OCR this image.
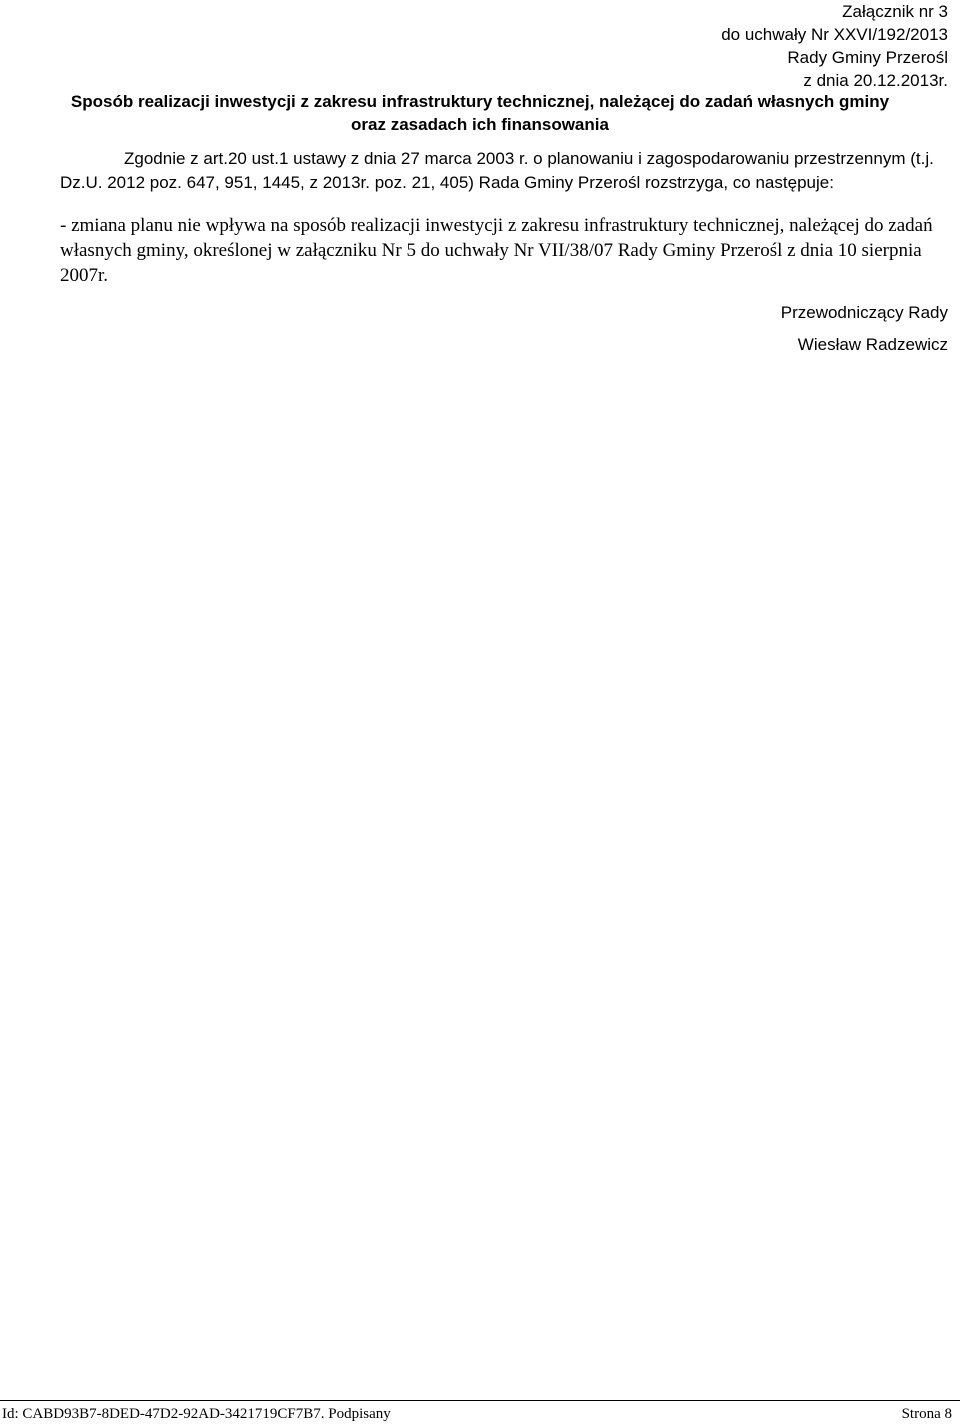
Załącznik nr 3
do uchwały Nr XXVI/192/2013
Rady Gminy Przerośl
z dnia 20.12.2013r.
Sposób realizacji inwestycji z zakresu infrastruktury technicznej, należącej do zadań własnych gminy oraz zasadach ich finansowania
Zgodnie z art.20 ust.1 ustawy z dnia 27 marca 2003 r. o planowaniu i zagospodarowaniu przestrzennym (t.j. Dz.U. 2012 poz. 647, 951, 1445, z 2013r. poz. 21, 405) Rada Gminy Przerośl rozstrzyga, co następuje:
- zmiana planu nie wpływa na sposób realizacji inwestycji z zakresu infrastruktury technicznej, należącej do zadań własnych gminy, określonej w załączniku Nr 5 do uchwały Nr VII/38/07 Rady Gminy Przerośl z dnia 10 sierpnia 2007r.
Przewodniczący Rady
Wiesław Radzewicz
Id: CABD93B7-8DED-47D2-92AD-3421719CF7B7. Podpisany	Strona 8
